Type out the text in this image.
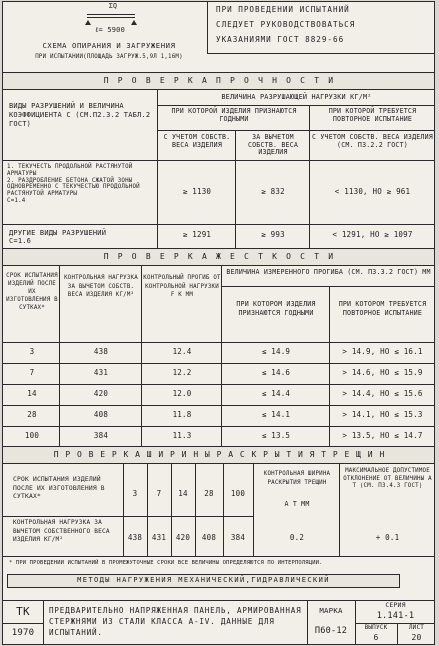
ΣQ
ℓ= 5900
СХЕМА ОПИРАНИЯ И ЗАГРУЖЕНИЯ
ПРИ ИСПЫТАНИИ(ПЛОЩАДЬ ЗАГРУЖ.5,9Л 1,16М)
ПРИ ПРОВЕДЕНИИ ИСПЫТАНИЙ
СЛЕДУЕТ РУКОВОДСТВОВАТЬСЯ
УКАЗАНИЯМИ ГОСТ 8829-66
П Р О В Е Р К А П Р О Ч Н О С Т И
ВИДЫ РАЗРУШЕНИЙ И ВЕЛИЧИНА КОЭФФИЦИЕНТА С (СМ.П2.3.2 ТАБЛ.2 ГОСТ)
ВЕЛИЧИНА РАЗРУШАЮЩЕЙ НАГРУЗКИ КГ/М²
ПРИ КОТОРОЙ ИЗДЕЛИЯ ПРИЗНАЮТСЯ ГОДНЫМИ
ПРИ КОТОРОЙ ТРЕБУЕТСЯ ПОВТОРНОЕ ИСПЫТАНИЕ
С УЧЕТОМ СОБСТВ. ВЕСА ИЗДЕЛИЯ
ЗА ВЫЧЕТОМ СОБСТВ. ВЕСА ИЗДЕЛИЯ
С УЧЕТОМ СОБСТВ. ВЕСА ИЗДЕЛИЯ (СМ. П3.2.2 ГОСТ)
1. ТЕКУЧЕСТЬ ПРОДОЛЬНОЙ РАСТЯНУТОЙ АРМАТУРЫ
2. РАЗДРОБЛЕНИЕ БЕТОНА СЖАТОЙ ЗОНЫ ОДНОВРЕМЕННО С ТЕКУЧЕСТЬЮ ПРОДОЛЬНОЙ РАСТЯНУТОЙ АРМАТУРЫ
С=1.4
≥ 1130	≥ 832	< 1130, НО ≥ 961
ДРУГИЕ ВИДЫ РАЗРУШЕНИЙ
С=1.6
≥ 1291	≥ 993	< 1291, НО ≥ 1097
П Р О В Е Р К А Ж Е С Т К О С Т И
СРОК ИСПЫТАНИЯ ИЗДЕЛИЙ ПОСЛЕ ИХ ИЗГОТОВЛЕНИЯ В СУТКАХ*
КОНТРОЛЬНАЯ НАГРУЗКА ЗА ВЫЧЕТОМ СОБСТВ. ВЕСА ИЗДЕЛИЯ КГ/М²
КОНТРОЛЬНЫЙ ПРОГИБ ОТ КОНТРОЛЬНОЙ НАГРУЗКИ F К ММ
ВЕЛИЧИНА ИЗМЕРЕННОГО ПРОГИБА (СМ. П3.3.2 ГОСТ) ММ
ПРИ КОТОРОМ ИЗДЕЛИЯ ПРИЗНАЮТСЯ ГОДНЫМИ
ПРИ КОТОРОМ ТРЕБУЕТСЯ ПОВТОРНОЕ ИСПЫТАНИЕ
3	438	12.4	≤ 14.9	> 14.9, НО ≤ 16.1
7	431	12.2	≤ 14.6	> 14.6, НО ≤ 15.9
14	420	12.0	≤ 14.4	> 14.4, НО ≤ 15.6
28	408	11.8	≤ 14.1	> 14.1, НО ≤ 15.3
100	384	11.3	≤ 13.5	> 13.5, НО ≤ 14.7
П Р О В Е Р К А Ш И Р И Н Ы Р А С К Р Ы Т И Я Т Р Е Щ И Н
СРОК ИСПЫТАНИЯ ИЗДЕЛИЙ ПОСЛЕ ИХ ИЗГОТОВЛЕНИЯ В СУТКАХ*
КОНТРОЛЬНАЯ НАГРУЗКА ЗА ВЫЧЕТОМ СОБСТВЕННОГО ВЕСА ИЗДЕЛИЯ КГ/М²
3	7	14	28	100
438	431	420	408	384
КОНТРОЛЬНАЯ ШИРИНА РАСКРЫТИЯ ТРЕЩИН
А Т ММ
0.2
МАКСИМАЛЬНОЕ ДОПУСТИМОЕ ОТКЛОНЕНИЕ ОТ ВЕЛИЧИНЫ А Т (СМ. П3.4.3 ГОСТ)
+ 0.1
* ПРИ ПРОВЕДЕНИИ ИСПЫТАНИЙ В ПРОМЕЖУТОЧНЫЕ СРОКИ ВСЕ ВЕЛИЧИНЫ ОПРЕДЕЛЯЮТСЯ ПО ИНТЕРПОЛЯЦИИ.
МЕТОДЫ НАГРУЖЕНИЯ МЕХАНИЧЕСКИЙ,ГИДРАВЛИЧЕСКИЙ
ТК
1970
ПРЕДВАРИТЕЛЬНО НАПРЯЖЕННАЯ ПАНЕЛЬ, АРМИРОВАННАЯ СТЕРЖНЯМИ ИЗ СТАЛИ КЛАССА А-IV. ДАННЫЕ ДЛЯ ИСПЫТАНИЙ.
МАРКА
П60-12
СЕРИЯ
1.141-1
ВЫПУСК
6
ЛИСТ
20
